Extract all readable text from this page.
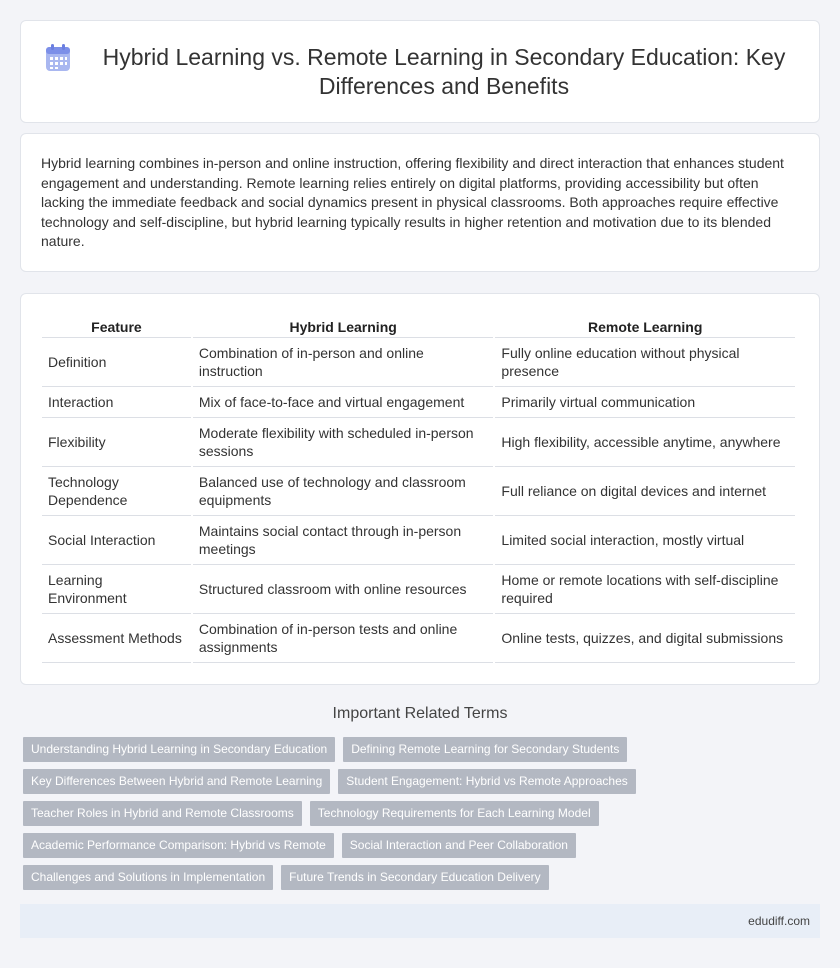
Hybrid Learning vs. Remote Learning in Secondary Education: Key Differences and Benefits

Hybrid learning combines in-person and online instruction, offering flexibility and direct interaction that enhances student engagement and understanding. Remote learning relies entirely on digital platforms, providing accessibility but often lacking the immediate feedback and social dynamics present in physical classrooms. Both approaches require effective technology and self-discipline, but hybrid learning typically results in higher retention and motivation due to its blended nature.

Feature	Hybrid Learning	Remote Learning
Definition	Combination of in-person and online instruction	Fully online education without physical presence
Interaction	Mix of face-to-face and virtual engagement	Primarily virtual communication
Flexibility	Moderate flexibility with scheduled in-person sessions	High flexibility, accessible anytime, anywhere
Technology Dependence	Balanced use of technology and classroom equipments	Full reliance on digital devices and internet
Social Interaction	Maintains social contact through in-person meetings	Limited social interaction, mostly virtual
Learning Environment	Structured classroom with online resources	Home or remote locations with self-discipline required
Assessment Methods	Combination of in-person tests and online assignments	Online tests, quizzes, and digital submissions
Important Related Terms
Understanding Hybrid Learning in Secondary Education	Defining Remote Learning for Secondary Students
Key Differences Between Hybrid and Remote Learning	Student Engagement: Hybrid vs Remote Approaches
Teacher Roles in Hybrid and Remote Classrooms	Technology Requirements for Each Learning Model
Academic Performance Comparison: Hybrid vs Remote	Social Interaction and Peer Collaboration
Challenges and Solutions in Implementation	Future Trends in Secondary Education Delivery
edudiff.com
